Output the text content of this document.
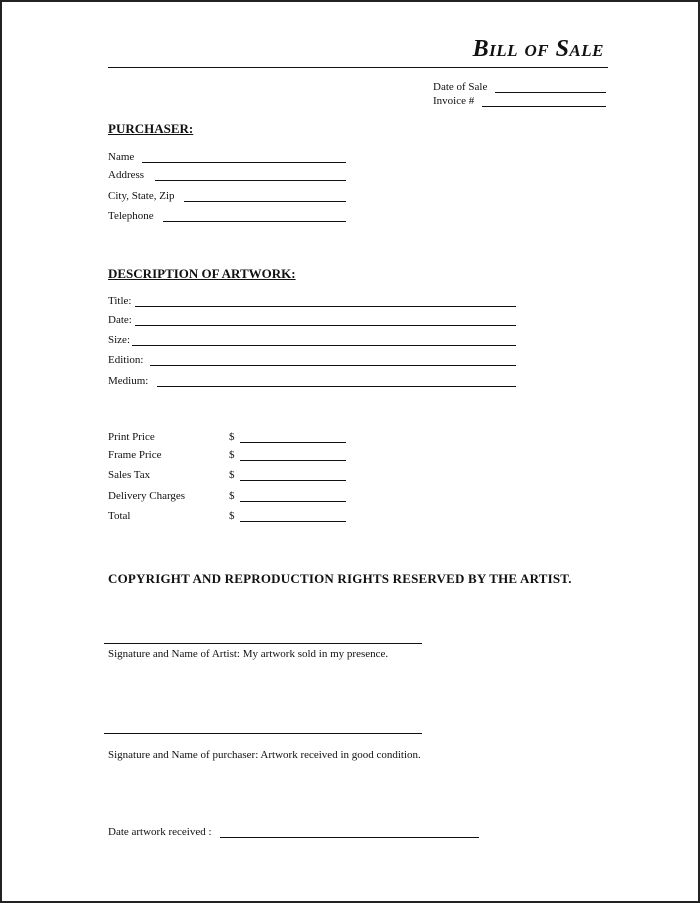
Bill of Sale
Date of Sale
Invoice #
PURCHASER:
Name
Address
City, State, Zip
Telephone
DESCRIPTION OF ARTWORK:
Title:
Date:
Size:
Edition:
Medium:
Print Price	$
Frame Price	$
Sales Tax	$
Delivery Charges	$
Total	$
COPYRIGHT AND REPRODUCTION RIGHTS RESERVED BY THE ARTIST.
Signature and Name of Artist: My artwork sold in my presence.
Signature and Name of purchaser: Artwork received in good condition.
Date artwork received :
